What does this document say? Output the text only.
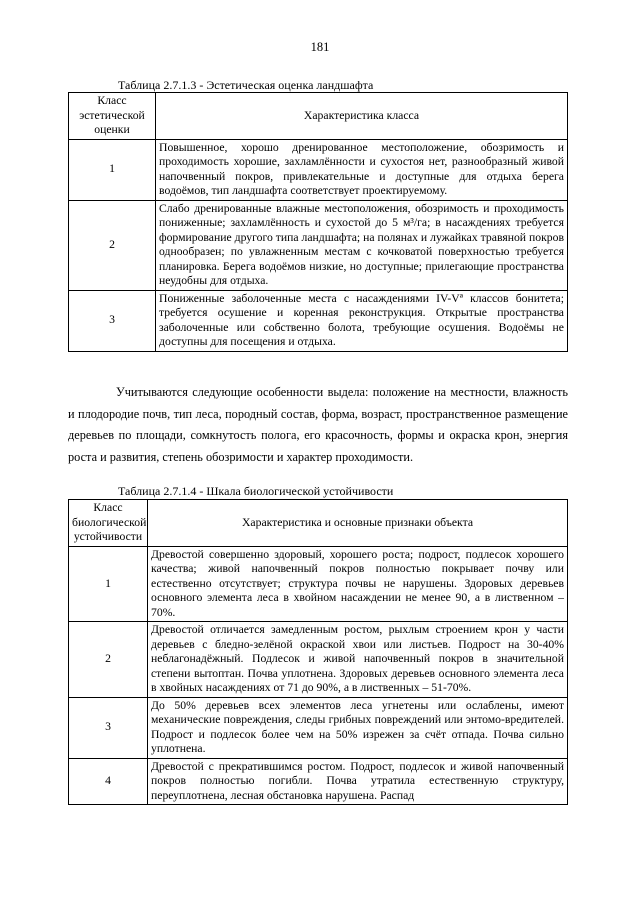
181
Таблица 2.7.1.3 - Эстетическая оценка ландшафта
Класс эстетической оценки	Характеристика класса
1	Повышенное, хорошо дренированное местоположение, обозримость и проходимость хорошие, захламлённости и сухостоя нет, разнообразный живой напочвенный покров, привлекательные и доступные для отдыха берега водоёмов, тип ландшафта соответствует проектируемому.
2	Слабо дренированные влажные местоположения, обозримость и проходимость пониженные; захламлённость и сухостой до 5 м³/га; в насаждениях требуется формирование другого типа ландшафта; на полянах и лужайках травяной покров однообразен; по увлажненным местам с кочковатой поверхностью требуется планировка. Берега водоёмов низкие, но доступные; прилегающие пространства неудобны для отдыха.
3	Пониженные заболоченные места с насаждениями IV-Vª классов бонитета; требуется осушение и коренная реконструкция. Открытые пространства заболоченные или собственно болота, требующие осушения. Водоёмы не доступны для посещения и отдыха.

Учитываются следующие особенности выдела: положение на местности, влажность и плодородие почв, тип леса, породный состав, форма, возраст, пространственное размещение деревьев по площади, сомкнутость полога, его красочность, формы и окраска крон, энергия роста и развития, степень обозримости и характер проходимости.

Таблица 2.7.1.4 - Шкала биологической устойчивости
Класс биологической устойчивости	Характеристика и основные признаки объекта
1	Древостой совершенно здоровый, хорошего роста; подрост, подлесок хорошего качества; живой напочвенный покров полностью покрывает почву или естественно отсутствует; структура почвы не нарушены. Здоровых деревьев основного элемента леса в хвойном насаждении не менее 90, а в лиственном – 70%.
2	Древостой отличается замедленным ростом, рыхлым строением крон у части деревьев с бледно-зелёной окраской хвои или листьев. Подрост на 30-40% неблагонадёжный. Подлесок и живой напочвенный покров в значительной степени вытоптан. Почва уплотнена. Здоровых деревьев основного элемента леса в хвойных насаждениях от 71 до 90%, а в лиственных – 51-70%.
3	До 50% деревьев всех элементов леса угнетены или ослаблены, имеют механические повреждения, следы грибных повреждений или энтомо-вредителей. Подрост и подлесок более чем на 50% изрежен за счёт отпада. Почва сильно уплотнена.
4	Древостой с прекратившимся ростом. Подрост, подлесок и живой напочвенный покров полностью погибли. Почва утратила естественную структуру, переуплотнена, лесная обстановка нарушена. Распад
